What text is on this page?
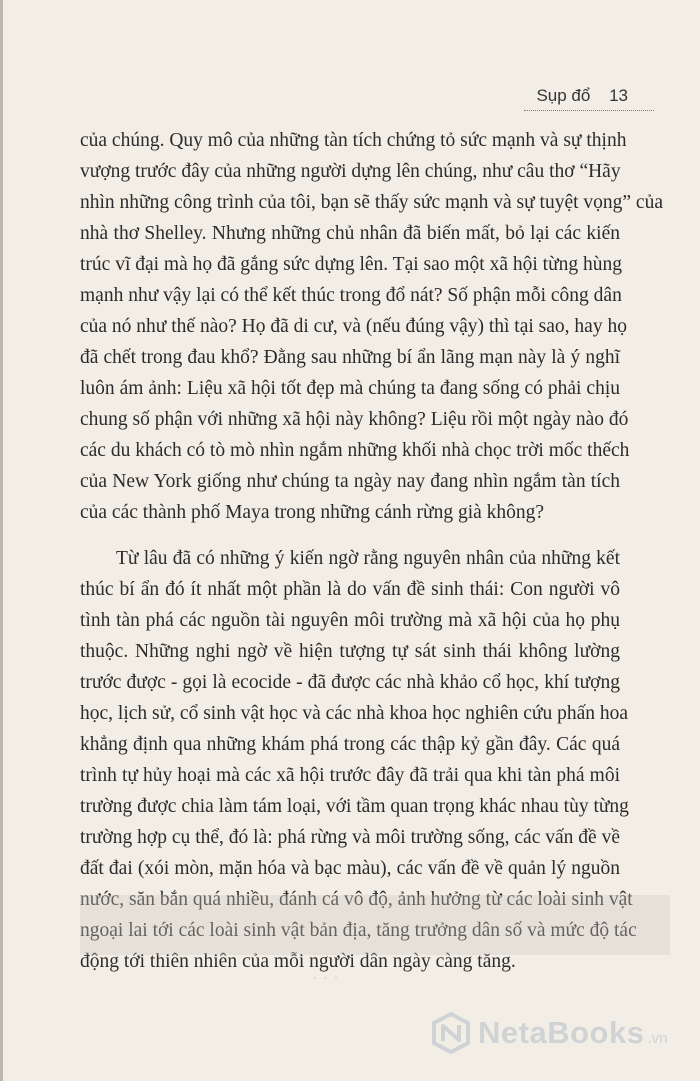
Sụp đổ 13
của chúng. Quy mô của những tàn tích chứng tỏ sức mạnh và sự thịnh
vượng trước đây của những người dựng lên chúng, như câu thơ “Hãy
nhìn những công trình của tôi, bạn sẽ thấy sức mạnh và sự tuyệt vọng” của
nhà thơ Shelley. Nhưng những chủ nhân đã biến mất, bỏ lại các kiến
trúc vĩ đại mà họ đã gắng sức dựng lên. Tại sao một xã hội từng hùng
mạnh như vậy lại có thể kết thúc trong đổ nát? Số phận mỗi công dân
của nó như thế nào? Họ đã di cư, và (nếu đúng vậy) thì tại sao, hay họ
đã chết trong đau khổ? Đằng sau những bí ẩn lãng mạn này là ý nghĩ
luôn ám ảnh: Liệu xã hội tốt đẹp mà chúng ta đang sống có phải chịu
chung số phận với những xã hội này không? Liệu rồi một ngày nào đó
các du khách có tò mò nhìn ngắm những khối nhà chọc trời mốc thếch
của New York giống như chúng ta ngày nay đang nhìn ngắm tàn tích
của các thành phố Maya trong những cánh rừng già không?
Từ lâu đã có những ý kiến ngờ rằng nguyên nhân của những kết
thúc bí ẩn đó ít nhất một phần là do vấn đề sinh thái: Con người vô
tình tàn phá các nguồn tài nguyên môi trường mà xã hội của họ phụ
thuộc. Những nghi ngờ về hiện tượng tự sát sinh thái không lường
trước được - gọi là ecocide - đã được các nhà khảo cổ học, khí tượng
học, lịch sử, cổ sinh vật học và các nhà khoa học nghiên cứu phấn hoa
khẳng định qua những khám phá trong các thập kỷ gần đây. Các quá
trình tự hủy hoại mà các xã hội trước đây đã trải qua khi tàn phá môi
trường được chia làm tám loại, với tầm quan trọng khác nhau tùy từng
trường hợp cụ thể, đó là: phá rừng và môi trường sống, các vấn đề về
đất đai (xói mòn, mặn hóa và bạc màu), các vấn đề về quản lý nguồn
nước, săn bắn quá nhiều, đánh cá vô độ, ảnh hưởng từ các loài sinh vật
ngoại lai tới các loài sinh vật bản địa, tăng trưởng dân số và mức độ tác
động tới thiên nhiên của mỗi người dân ngày càng tăng.
· · ·
NetaBooks .vn
